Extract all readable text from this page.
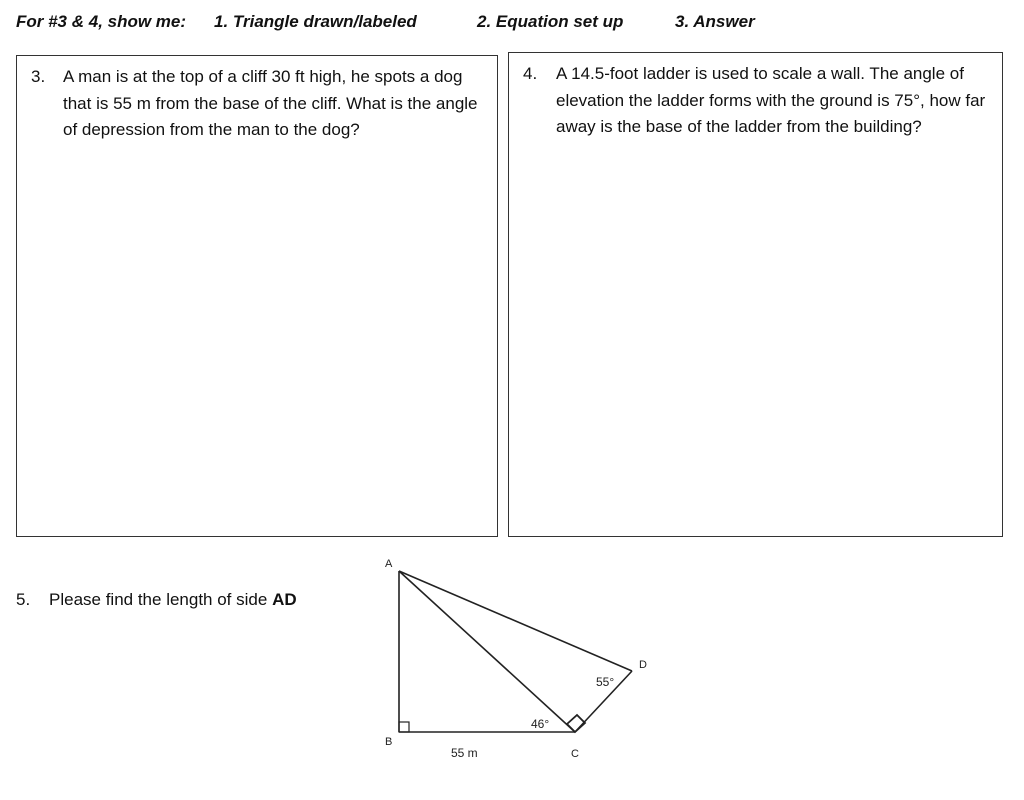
For #3 & 4, show me: 1. Triangle drawn/labeled	2. Equation set up	3. Answer
3. A man is at the top of a cliff 30 ft high, he spots a dog that is 55 m from the base of the cliff. What is the angle of depression from the man to the dog?
4. A 14.5-foot ladder is used to scale a wall. The angle of elevation the ladder forms with the ground is 75°, how far away is the base of the ladder from the building?
5. Please find the length of side AD
A
B
C
D
55 m
46°
55°
